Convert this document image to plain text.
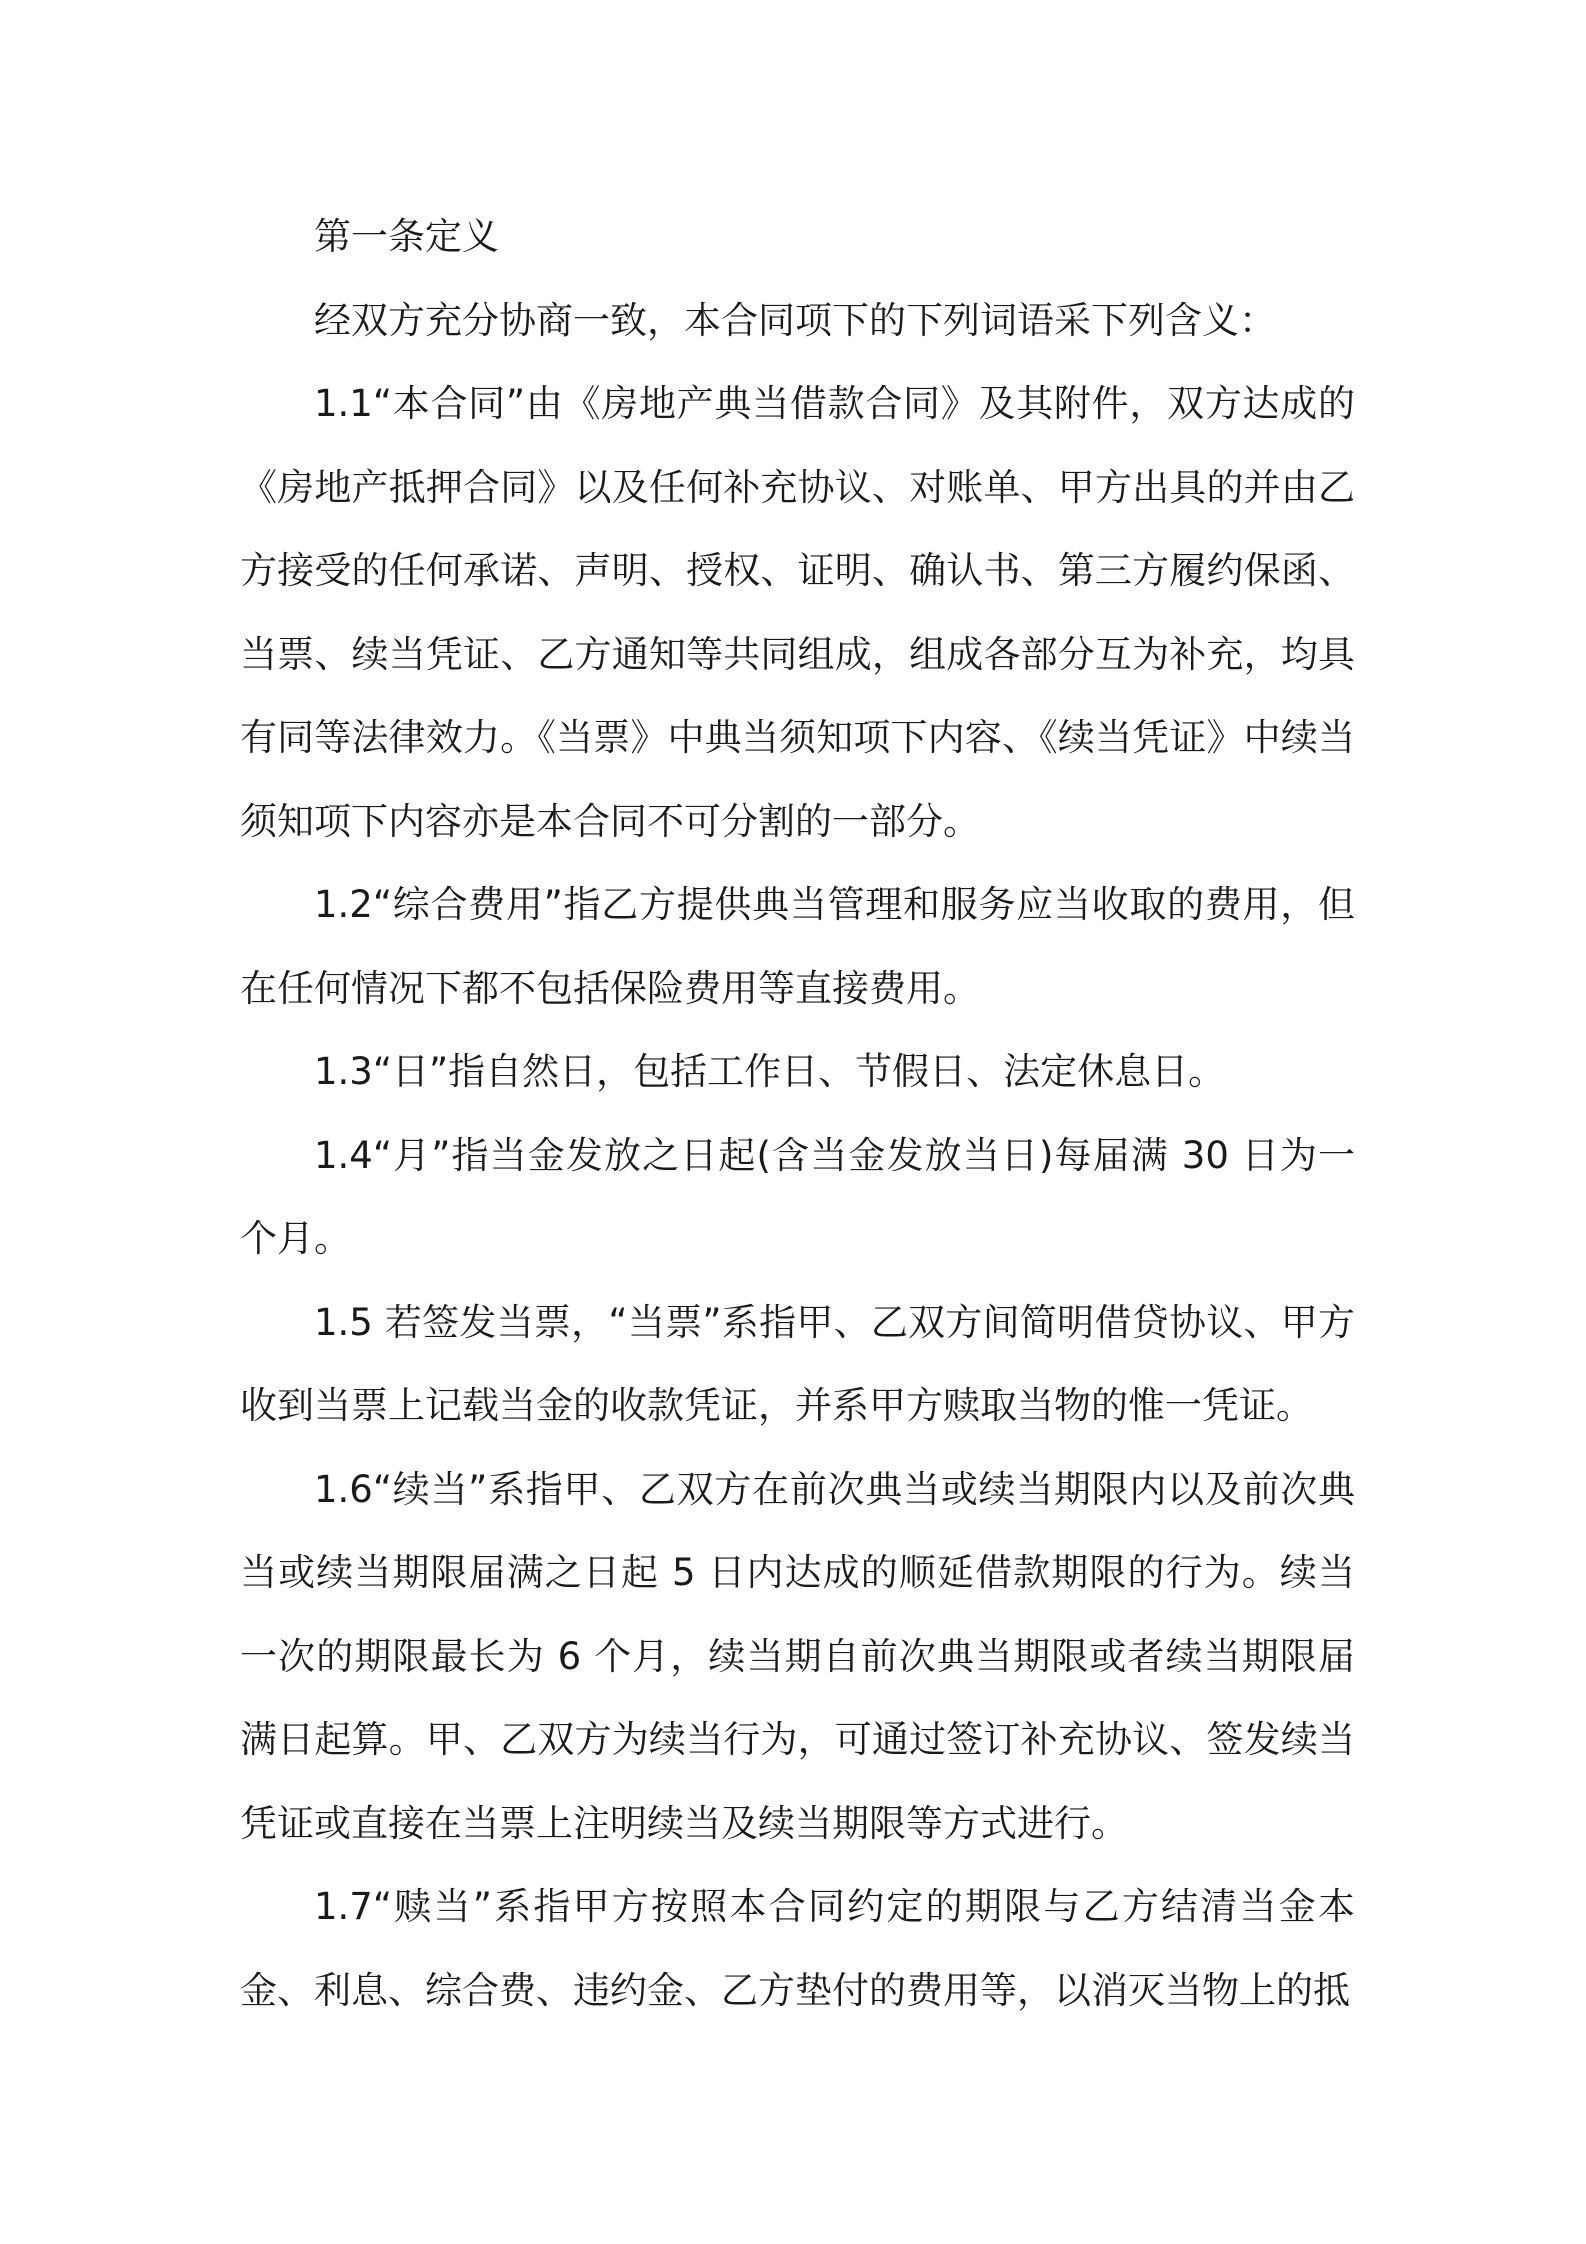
第一条定义

经双方充分协商一致，本合同项下的下列词语采下列含义：

1.1“本合同”由《房地产典当借款合同》及其附件，双方达成的《房地产抵押合同》以及任何补充协议、对账单、甲方出具的并由乙方接受的任何承诺、声明、授权、证明、确认书、第三方履约保函、当票、续当凭证、乙方通知等共同组成，组成各部分互为补充，均具有同等法律效力。《当票》中典当须知项下内容、《续当凭证》中续当须知项下内容亦是本合同不可分割的一部分。

1.2“综合费用”指乙方提供典当管理和服务应当收取的费用，但在任何情况下都不包括保险费用等直接费用。

1.3“日”指自然日，包括工作日、节假日、法定休息日。

1.4“月”指当金发放之日起(含当金发放当日)每届满 30 日为一个月。

1.5 若签发当票，“当票”系指甲、乙双方间简明借贷协议、甲方收到当票上记载当金的收款凭证，并系甲方赎取当物的惟一凭证。

1.6“续当”系指甲、乙双方在前次典当或续当期限内以及前次典当或续当期限届满之日起 5 日内达成的顺延借款期限的行为。续当一次的期限最长为 6 个月，续当期自前次典当期限或者续当期限届满日起算。甲、乙双方为续当行为，可通过签订补充协议、签发续当凭证或直接在当票上注明续当及续当期限等方式进行。

1.7“赎当”系指甲方按照本合同约定的期限与乙方结清当金本金、利息、综合费、违约金、乙方垫付的费用等，以消灭当物上的抵
